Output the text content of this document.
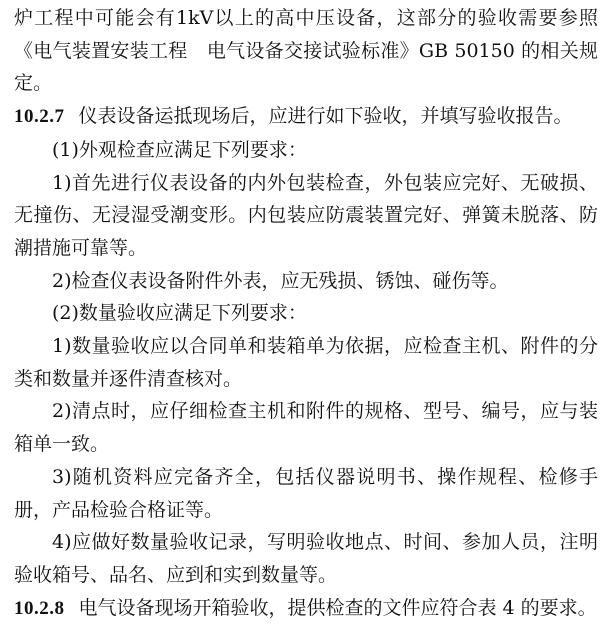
炉工程中可能会有1kV以上的高中压设备，这部分的验收需要参照《电气装置安装工程　电气设备交接试验标准》GB 50150 的相关规定。

10.2.7 仪表设备运抵现场后，应进行如下验收，并填写验收报告。

(1)外观检查应满足下列要求：

1)首先进行仪表设备的内外包装检查，外包装应完好、无破损、无撞伤、无浸湿受潮变形。内包装应防震装置完好、弹簧未脱落、防潮措施可靠等。

2)检查仪表设备附件外表，应无残损、锈蚀、碰伤等。

(2)数量验收应满足下列要求：

1)数量验收应以合同单和装箱单为依据，应检查主机、附件的分类和数量并逐件清查核对。

2)清点时，应仔细检查主机和附件的规格、型号、编号，应与装箱单一致。

3)随机资料应完备齐全，包括仪器说明书、操作规程、检修手册，产品检验合格证等。

4)应做好数量验收记录，写明验收地点、时间、参加人员，注明验收箱号、品名、应到和实到数量等。

10.2.8 电气设备现场开箱验收，提供检查的文件应符合表 4 的要求。
